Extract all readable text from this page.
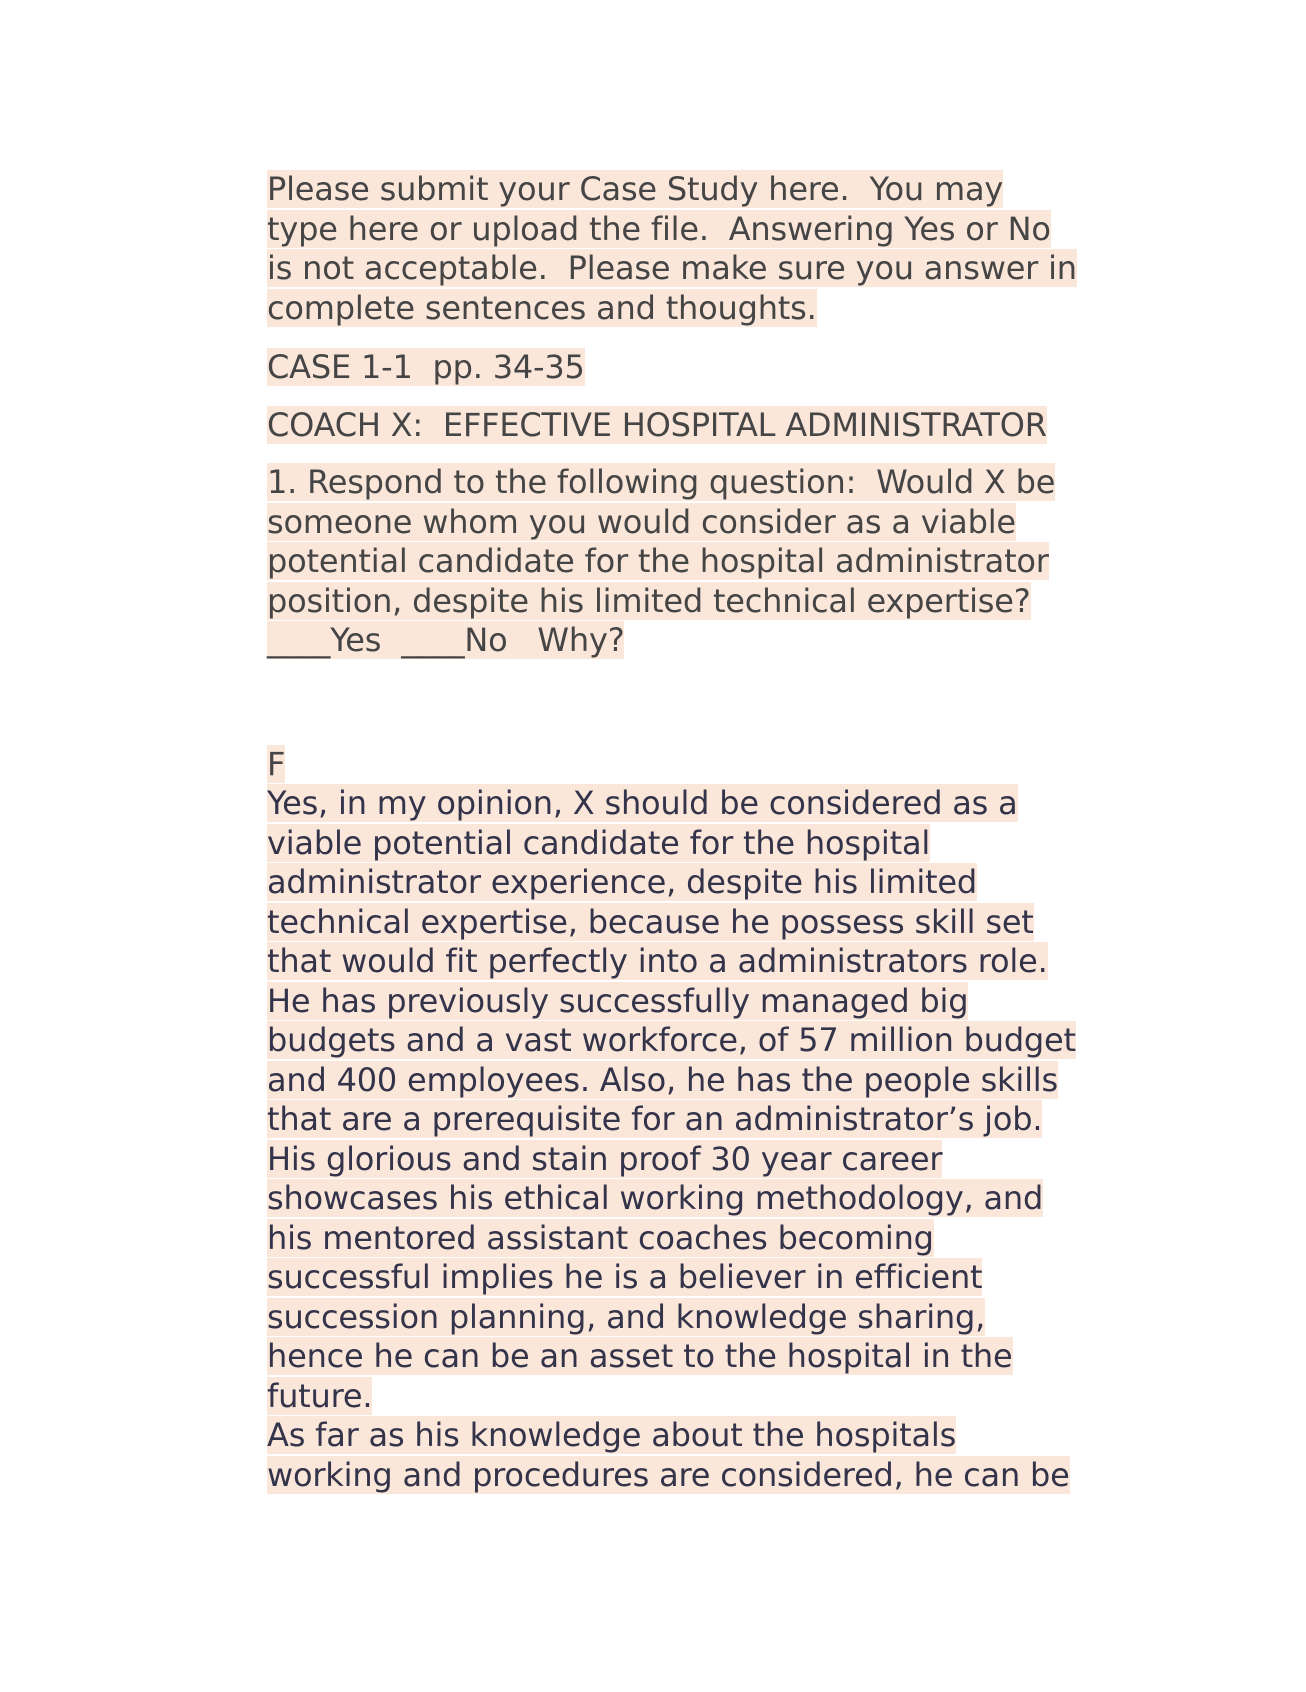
Please submit your Case Study here.  You may
type here or upload the file.  Answering Yes or No
is not acceptable.  Please make sure you answer in
complete sentences and thoughts.
CASE 1-1  pp. 34-35
COACH X:  EFFECTIVE HOSPITAL ADMINISTRATOR
1. Respond to the following question:  Would X be
someone whom you would consider as a viable
potential candidate for the hospital administrator
position, despite his limited technical expertise?
____Yes  ____No   Why?
F
Yes, in my opinion, X should be considered as a
viable potential candidate for the hospital
administrator experience, despite his limited
technical expertise, because he possess skill set
that would fit perfectly into a administrators role.
He has previously successfully managed big
budgets and a vast workforce, of 57 million budget
and 400 employees. Also, he has the people skills
that are a prerequisite for an administrator’s job.
His glorious and stain proof 30 year career
showcases his ethical working methodology, and
his mentored assistant coaches becoming
successful implies he is a believer in efficient
succession planning, and knowledge sharing,
hence he can be an asset to the hospital in the
future.
As far as his knowledge about the hospitals
working and procedures are considered, he can be
